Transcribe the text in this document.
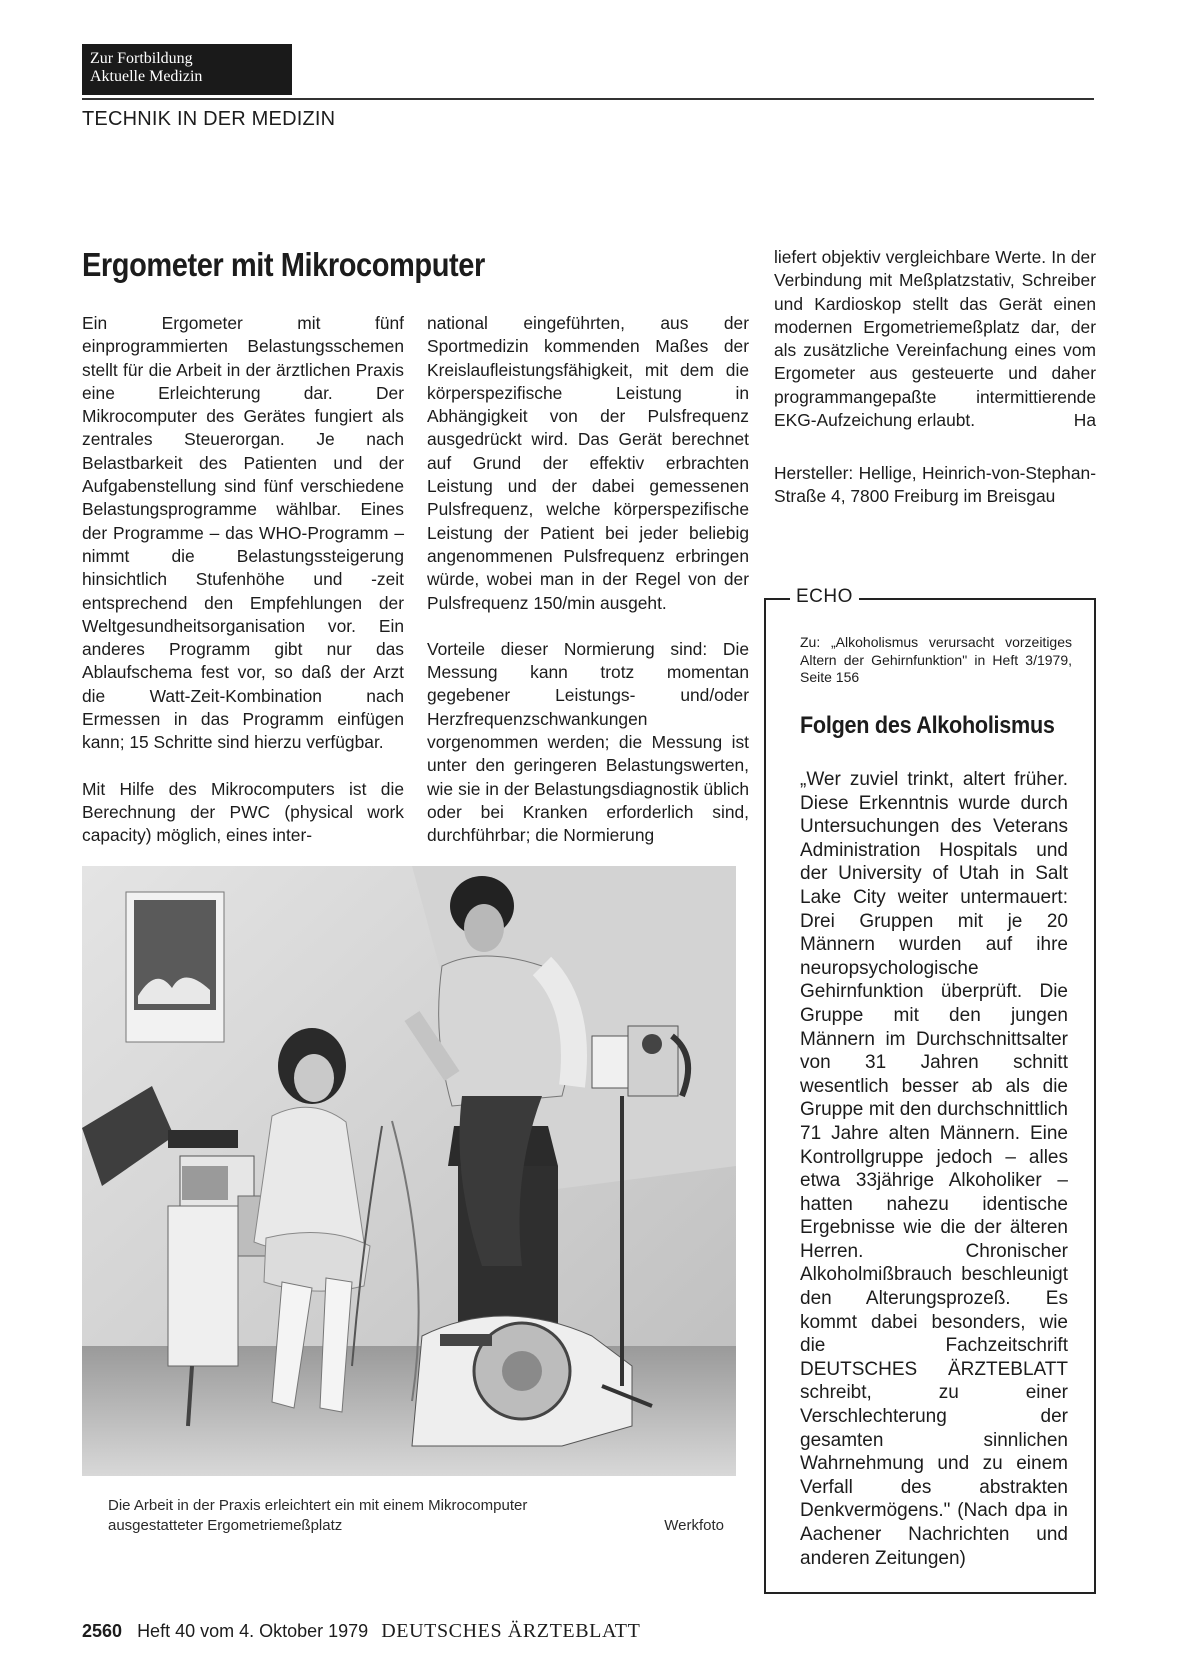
Zur Fortbildung
Aktuelle Medizin
TECHNIK IN DER MEDIZIN
Ergometer mit Mikrocomputer

Ein Ergometer mit fünf einprogrammierten Belastungsschemen stellt für die Arbeit in der ärztlichen Praxis eine Erleichterung dar. Der Mikrocomputer des Gerätes fungiert als zentrales Steuerorgan. Je nach Belastbarkeit des Patienten und der Aufgabenstellung sind fünf verschiedene Belastungsprogramme wählbar. Eines der Programme – das WHO-Programm – nimmt die Belastungssteigerung hinsichtlich Stufenhöhe und -zeit entsprechend den Empfehlungen der Weltgesundheitsorganisation vor. Ein anderes Programm gibt nur das Ablaufschema fest vor, so daß der Arzt die Watt-Zeit-Kombination nach Ermessen in das Programm einfügen kann; 15 Schritte sind hierzu verfügbar.

Mit Hilfe des Mikrocomputers ist die Berechnung der PWC (physical work capacity) möglich, eines inter-

national eingeführten, aus der Sportmedizin kommenden Maßes der Kreislaufleistungsfähigkeit, mit dem die körperspezifische Leistung in Abhängigkeit von der Pulsfrequenz ausgedrückt wird. Das Gerät berechnet auf Grund der effektiv erbrachten Leistung und der dabei gemessenen Pulsfrequenz, welche körperspezifische Leistung der Patient bei jeder beliebig angenommenen Pulsfrequenz erbringen würde, wobei man in der Regel von der Pulsfrequenz 150/min ausgeht.

Vorteile dieser Normierung sind: Die Messung kann trotz momentan gegebener Leistungs- und/oder Herzfrequenzschwankungen vorgenommen werden; die Messung ist unter den geringeren Belastungswerten, wie sie in der Belastungsdiagnostik üblich oder bei Kranken erforderlich sind, durchführbar; die Normierung

liefert objektiv vergleichbare Werte. In der Verbindung mit Meßplatzstativ, Schreiber und Kardioskop stellt das Gerät einen modernen Ergometriemeßplatz dar, der als zusätzliche Vereinfachung eines vom Ergometer aus gesteuerte und daher programmangepaßte intermittierende EKG-Aufzeichung erlaubt.	Ha

Hersteller: Hellige, Heinrich-von-Stephan-Straße 4, 7800 Freiburg im Breisgau
ECHO
Zu: „Alkoholismus verursacht vorzeitiges Altern der Gehirnfunktion" in Heft 3/1979, Seite 156
Folgen des Alkoholismus
„Wer zuviel trinkt, altert früher. Diese Erkenntnis wurde durch Untersuchungen des Veterans Administration Hospitals und der University of Utah in Salt Lake City weiter untermauert: Drei Gruppen mit je 20 Männern wurden auf ihre neuropsychologische Gehirnfunktion überprüft. Die Gruppe mit den jungen Männern im Durchschnittsalter von 31 Jahren schnitt wesentlich besser ab als die Gruppe mit den durchschnittlich 71 Jahre alten Männern. Eine Kontrollgruppe jedoch – alles etwa 33jährige Alkoholiker – hatten nahezu identische Ergebnisse wie die der älteren Herren. Chronischer Alkoholmißbrauch beschleunigt den Alterungsprozeß. Es kommt dabei besonders, wie die Fachzeitschrift DEUTSCHES ÄRZTEBLATT schreibt, zu einer Verschlechterung der gesamten sinnlichen Wahrnehmung und zu einem Verfall des abstrakten Denkvermögens." (Nach dpa in Aachener Nachrichten und anderen Zeitungen)
Die Arbeit in der Praxis erleichtert ein mit einem Mikrocomputer ausgestatteter Ergometriemeßplatz	Werkfoto
2560 Heft 40 vom 4. Oktober 1979 DEUTSCHES ÄRZTEBLATT
